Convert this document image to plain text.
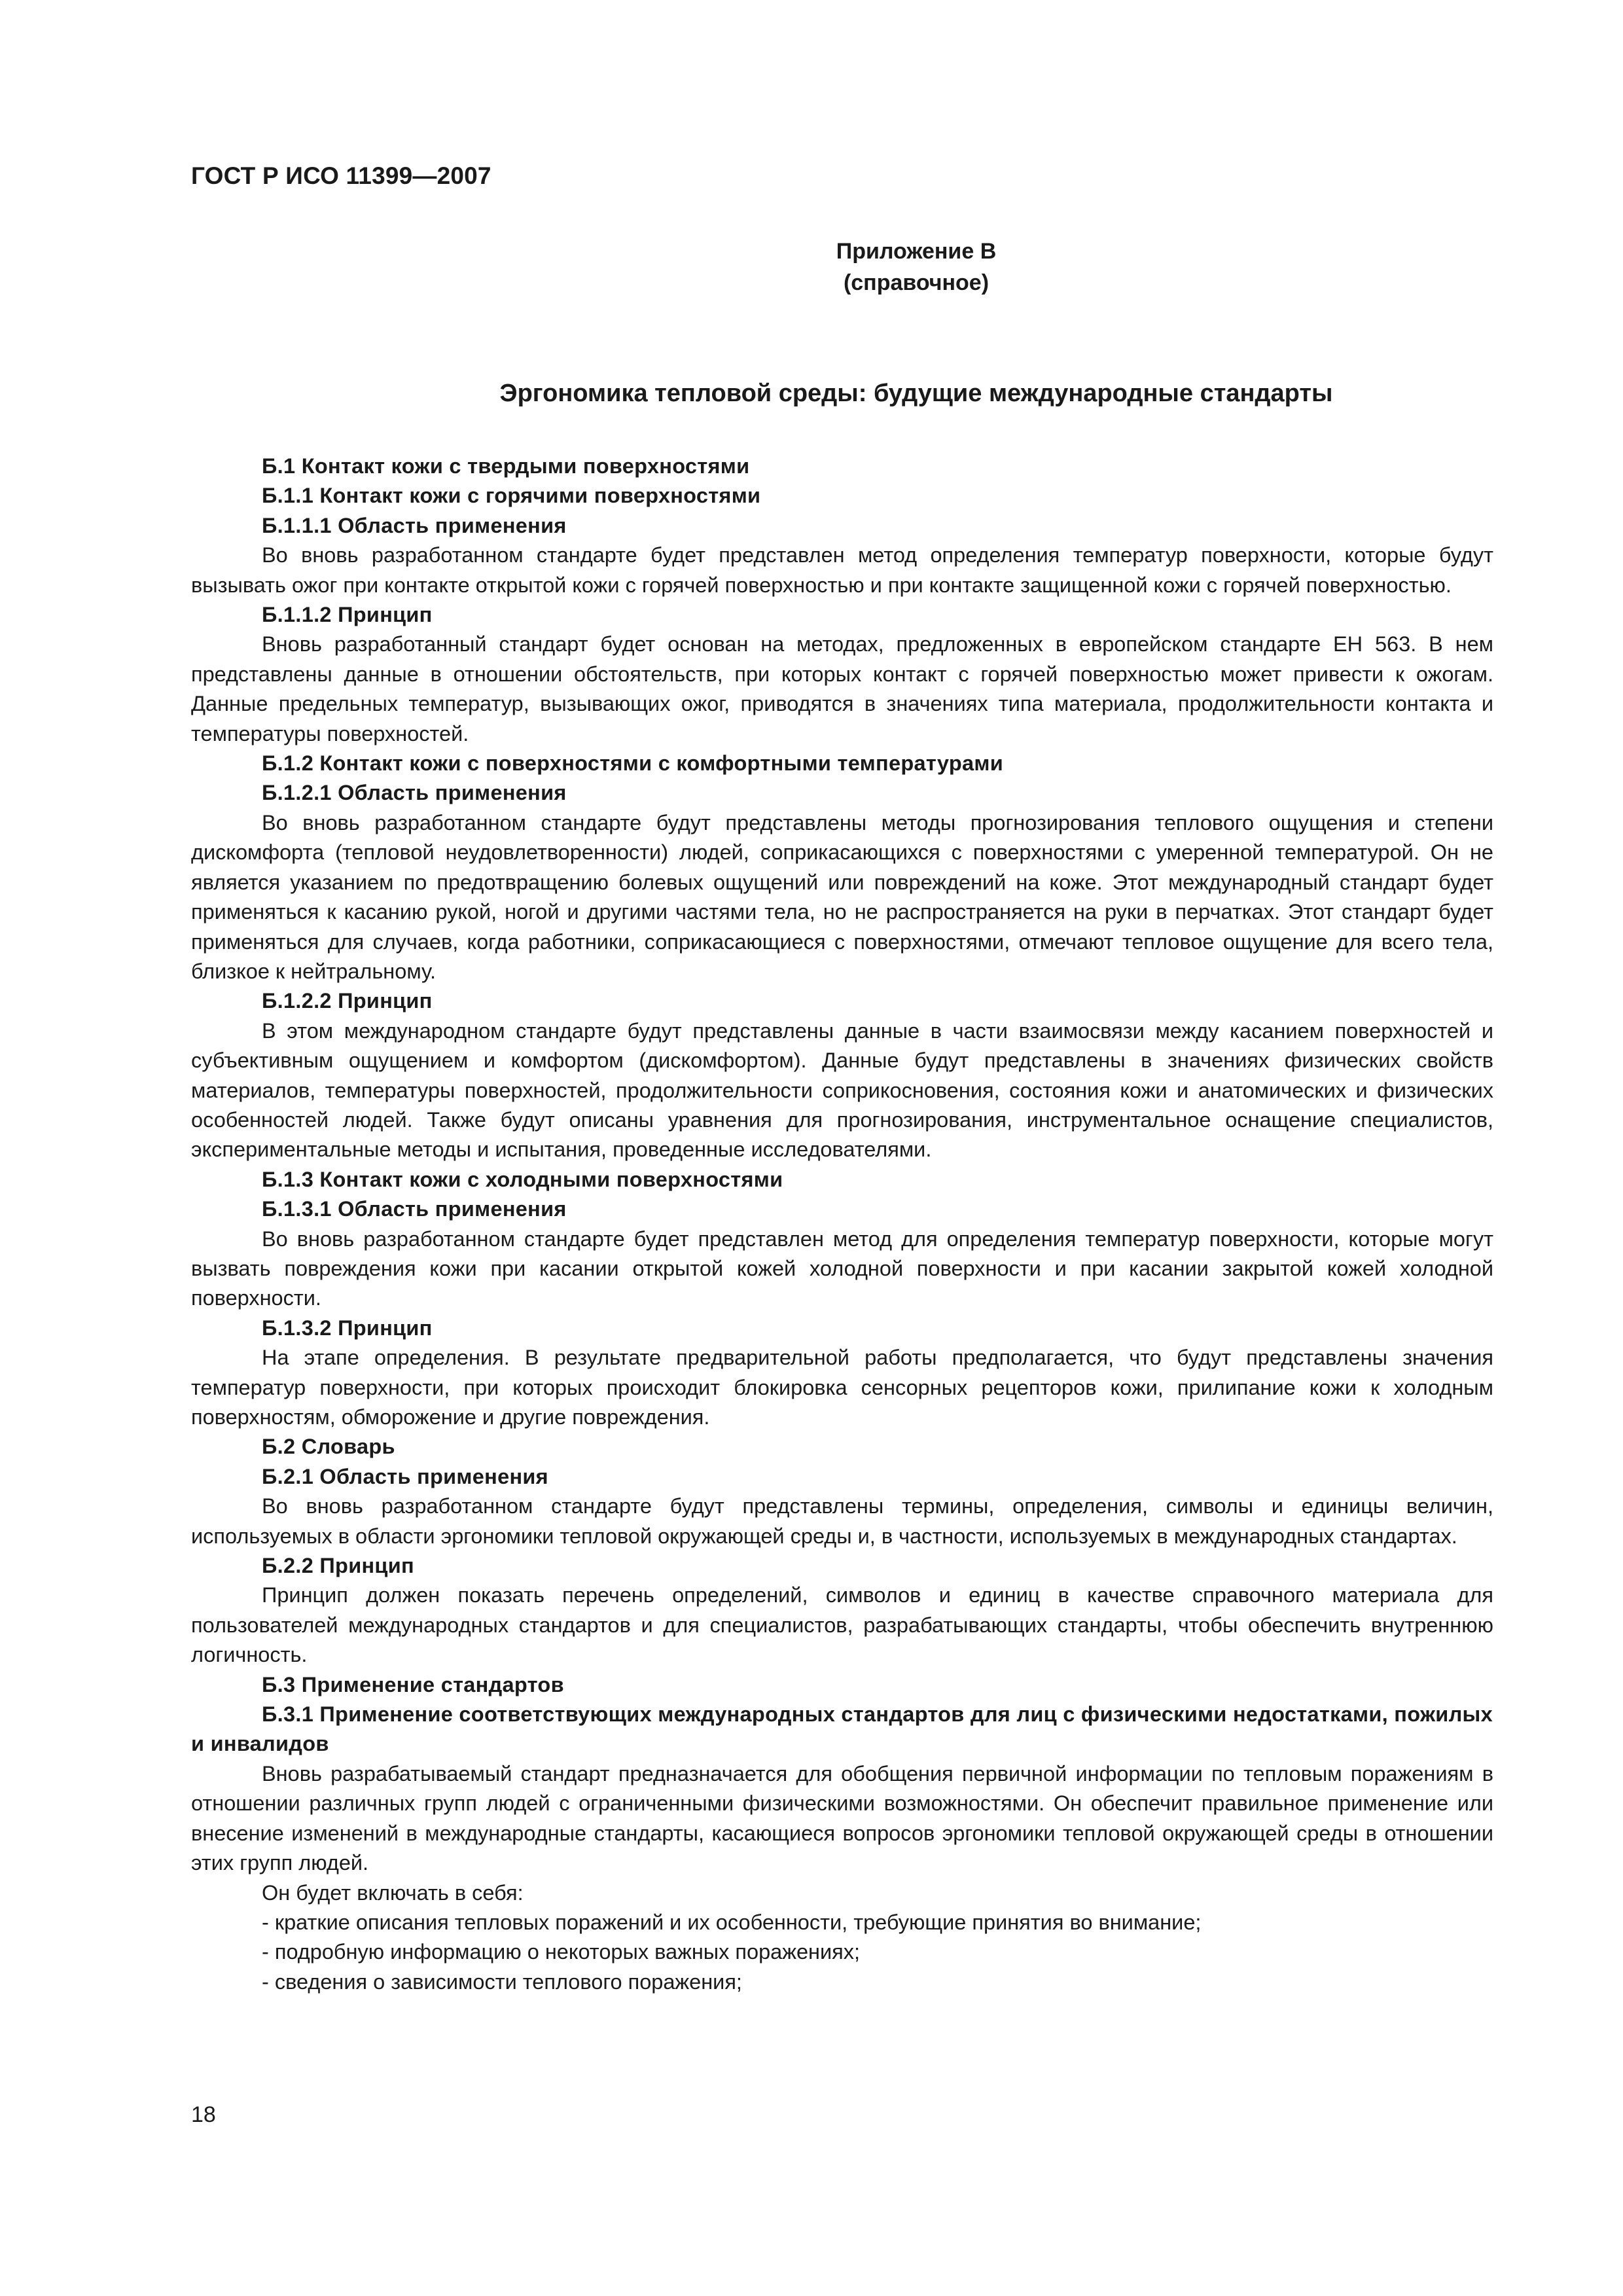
ГОСТ Р ИСО 11399—2007
Приложение В
(справочное)
Эргономика тепловой среды: будущие международные стандарты
Б.1 Контакт кожи с твердыми поверхностями
Б.1.1 Контакт кожи с горячими поверхностями
Б.1.1.1 Область применения

Во вновь разработанном стандарте будет представлен метод определения температур поверхности, которые будут вызывать ожог при контакте открытой кожи с горячей поверхностью и при контакте защищенной кожи с горячей поверхностью.

Б.1.1.2 Принцип

Вновь разработанный стандарт будет основан на методах, предложенных в европейском стандарте ЕН 563. В нем представлены данные в отношении обстоятельств, при которых контакт с горячей поверхностью может привести к ожогам. Данные предельных температур, вызывающих ожог, приводятся в значениях типа материала, продолжительности контакта и температуры поверхностей.

Б.1.2 Контакт кожи с поверхностями с комфортными температурами
Б.1.2.1 Область применения

Во вновь разработанном стандарте будут представлены методы прогнозирования теплового ощущения и степени дискомфорта (тепловой неудовлетворенности) людей, соприкасающихся с поверхностями с умеренной температурой. Он не является указанием по предотвращению болевых ощущений или повреждений на коже. Этот международный стандарт будет применяться к касанию рукой, ногой и другими частями тела, но не распространяется на руки в перчатках. Этот стандарт будет применяться для случаев, когда работники, соприкасающиеся с поверхностями, отмечают тепловое ощущение для всего тела, близкое к нейтральному.

Б.1.2.2 Принцип

В этом международном стандарте будут представлены данные в части взаимосвязи между касанием поверхностей и субъективным ощущением и комфортом (дискомфортом). Данные будут представлены в значениях физических свойств материалов, температуры поверхностей, продолжительности соприкосновения, состояния кожи и анатомических и физических особенностей людей. Также будут описаны уравнения для прогнозирования, инструментальное оснащение специалистов, экспериментальные методы и испытания, проведенные исследователями.

Б.1.3 Контакт кожи с холодными поверхностями
Б.1.3.1 Область применения

Во вновь разработанном стандарте будет представлен метод для определения температур поверхности, которые могут вызвать повреждения кожи при касании открытой кожей холодной поверхности и при касании закрытой кожей холодной поверхности.

Б.1.3.2 Принцип

На этапе определения. В результате предварительной работы предполагается, что будут представлены значения температур поверхности, при которых происходит блокировка сенсорных рецепторов кожи, прилипание кожи к холодным поверхностям, обморожение и другие повреждения.

Б.2 Словарь
Б.2.1 Область применения

Во вновь разработанном стандарте будут представлены термины, определения, символы и единицы величин, используемых в области эргономики тепловой окружающей среды и, в частности, используемых в международных стандартах.

Б.2.2 Принцип

Принцип должен показать перечень определений, символов и единиц в качестве справочного материала для пользователей международных стандартов и для специалистов, разрабатывающих стандарты, чтобы обеспечить внутреннюю логичность.

Б.3 Применение стандартов
Б.3.1 Применение соответствующих международных стандартов для лиц с физическими недостатками, пожилых и инвалидов

Вновь разрабатываемый стандарт предназначается для обобщения первичной информации по тепловым поражениям в отношении различных групп людей с ограниченными физическими возможностями. Он обеспечит правильное применение или внесение изменений в международные стандарты, касающиеся вопросов эргономики тепловой окружающей среды в отношении этих групп людей.

Он будет включать в себя:
- краткие описания тепловых поражений и их особенности, требующие принятия во внимание;
- подробную информацию о некоторых важных поражениях;
- сведения о зависимости теплового поражения;
18
